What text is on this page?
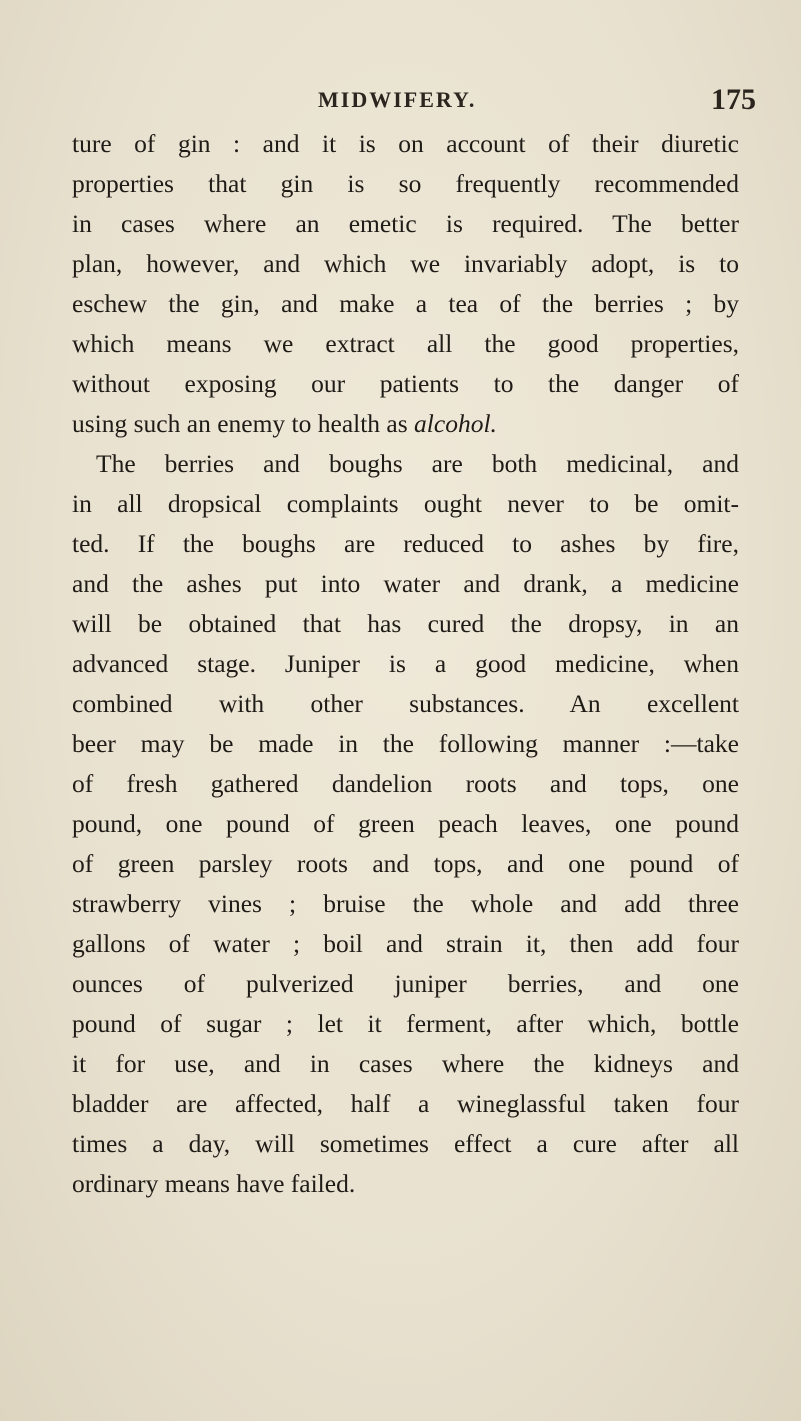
MIDWIFERY.	175
ture of gin : and it is on account of their diuretic
properties that gin is so frequently recommended
in cases where an emetic is required. The better
plan, however, and which we invariably adopt, is to
eschew the gin, and make a tea of the berries ; by
which means we extract all the good properties,
without exposing our patients to the danger of
using such an enemy to health as alcohol.
The berries and boughs are both medicinal, and
in all dropsical complaints ought never to be omit-
ted. If the boughs are reduced to ashes by fire,
and the ashes put into water and drank, a medicine
will be obtained that has cured the dropsy, in an
advanced stage. Juniper is a good medicine, when
combined with other substances. An excellent
beer may be made in the following manner :—take
of fresh gathered dandelion roots and tops, one
pound, one pound of green peach leaves, one pound
of green parsley roots and tops, and one pound of
strawberry vines ; bruise the whole and add three
gallons of water ; boil and strain it, then add four
ounces of pulverized juniper berries, and one
pound of sugar ; let it ferment, after which, bottle
it for use, and in cases where the kidneys and
bladder are affected, half a wineglassful taken four
times a day, will sometimes effect a cure after all
ordinary means have failed.
